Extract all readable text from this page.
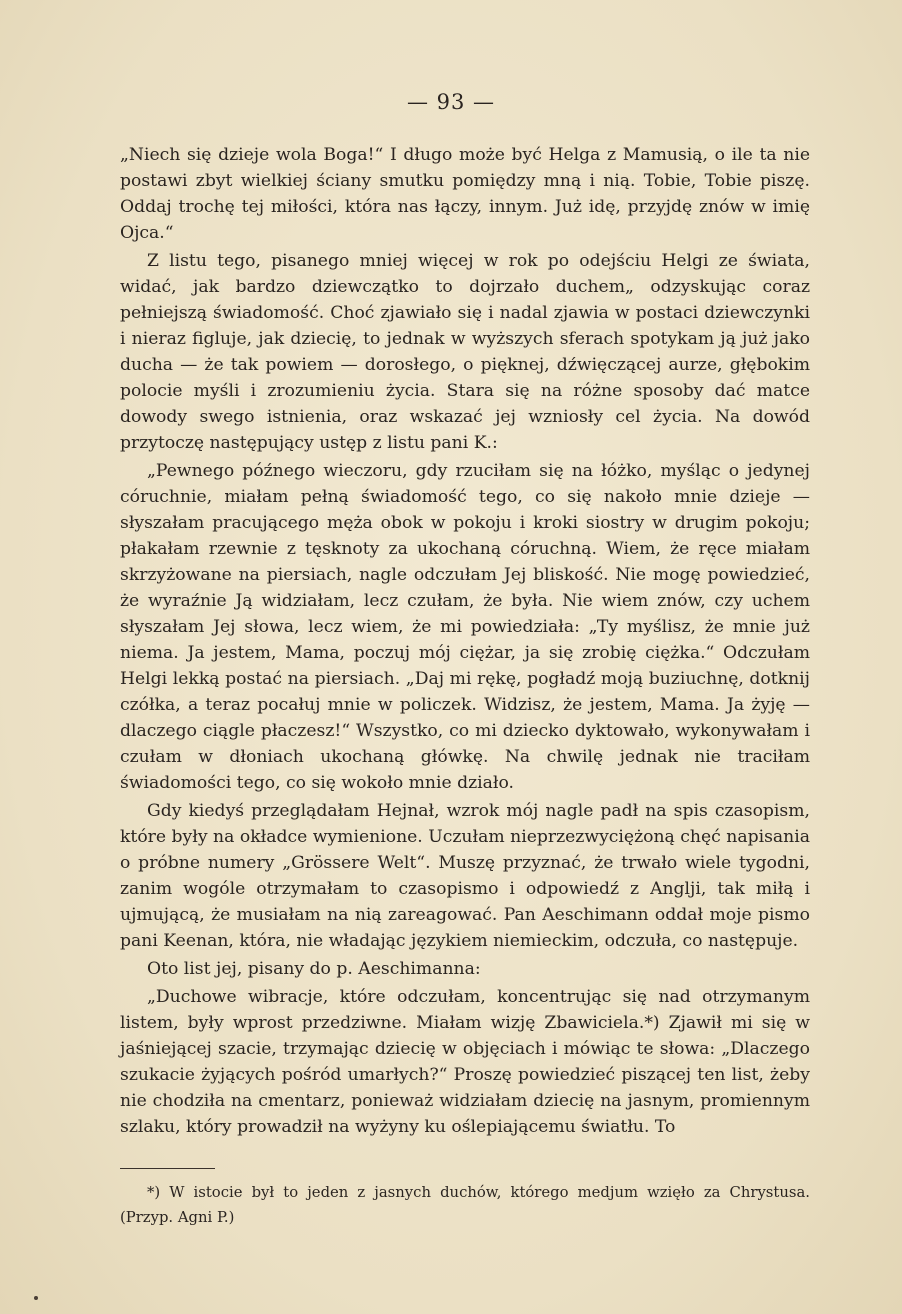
— 93 —

„Niech się dzieje wola Boga!“ I długo może być Helga z Mamusią, o ile ta nie postawi zbyt wielkiej ściany smutku pomiędzy mną i nią. Tobie, Tobie piszę. Oddaj trochę tej miłości, która nas łączy, innym. Już idę, przyjdę znów w imię Ojca.“

Z listu tego, pisanego mniej więcej w rok po odejściu Helgi ze świata, widać, jak bardzo dziewczątko to dojrzało duchem„ odzyskując coraz pełniejszą świadomość. Choć zjawiało się i nadal zjawia w postaci dziewczynki i nieraz figluje, jak dziecię, to jednak w wyższych sferach spotykam ją już jako ducha — że tak powiem — dorosłego, o pięknej, dźwięczącej aurze, głębokim polocie myśli i zrozumieniu życia. Stara się na różne sposoby dać matce dowody swego istnienia, oraz wskazać jej wzniosły cel życia. Na dowód przytoczę następujący ustęp z listu pani K.:

„Pewnego późnego wieczoru, gdy rzuciłam się na łóżko, myśląc o jedynej córuchnie, miałam pełną świadomość tego, co się nakoło mnie dzieje — słyszałam pracującego męża obok w pokoju i kroki siostry w drugim pokoju; płakałam rzewnie z tęsknoty za ukochaną córuchną. Wiem, że ręce miałam skrzyżowane na piersiach, nagle odczułam Jej bliskość. Nie mogę powiedzieć, że wyraźnie Ją widziałam, lecz czułam, że była. Nie wiem znów, czy uchem słyszałam Jej słowa, lecz wiem, że mi powiedziała: „Ty myślisz, że mnie już niema. Ja jestem, Mama, poczuj mój ciężar, ja się zrobię ciężka.“ Odczułam Helgi lekką postać na piersiach. „Daj mi rękę, pogładź moją buziuchnę, dotknij czółka, a teraz pocałuj mnie w policzek. Widzisz, że jestem, Mama. Ja żyję — dlaczego ciągle płaczesz!“ Wszystko, co mi dziecko dyktowało, wykonywałam i czułam w dłoniach ukochaną główkę. Na chwilę jednak nie traciłam świadomości tego, co się wokoło mnie działo.

Gdy kiedyś przeglądałam Hejnał, wzrok mój nagle padł na spis czasopism, które były na okładce wymienione. Uczułam nieprzezwyciężoną chęć napisania o próbne numery „Grössere Welt“. Muszę przyznać, że trwało wiele tygodni, zanim wogóle otrzymałam to czasopismo i odpowiedź z Anglji, tak miłą i ujmującą, że musiałam na nią zareagować. Pan Aeschimann oddał moje pismo pani Keenan, która, nie władając językiem niemieckim, odczuła, co następuje.

Oto list jej, pisany do p. Aeschimanna:

„Duchowe wibracje, które odczułam, koncentrując się nad otrzymanym listem, były wprost przedziwne. Miałam wizję Zbawiciela.*) Zjawił mi się w jaśniejącej szacie, trzymając dziecię w objęciach i mówiąc te słowa: „Dlaczego szukacie żyjących pośród umarłych?“ Proszę powiedzieć piszącej ten list, żeby nie chodziła na cmentarz, ponieważ widziałam dziecię na jasnym, promiennym szlaku, który prowadził na wyżyny ku oślepiającemu światłu. To

*) W istocie był to jeden z jasnych duchów, którego medjum wzięło za Chrystusa. (Przyp. Agni P.)
